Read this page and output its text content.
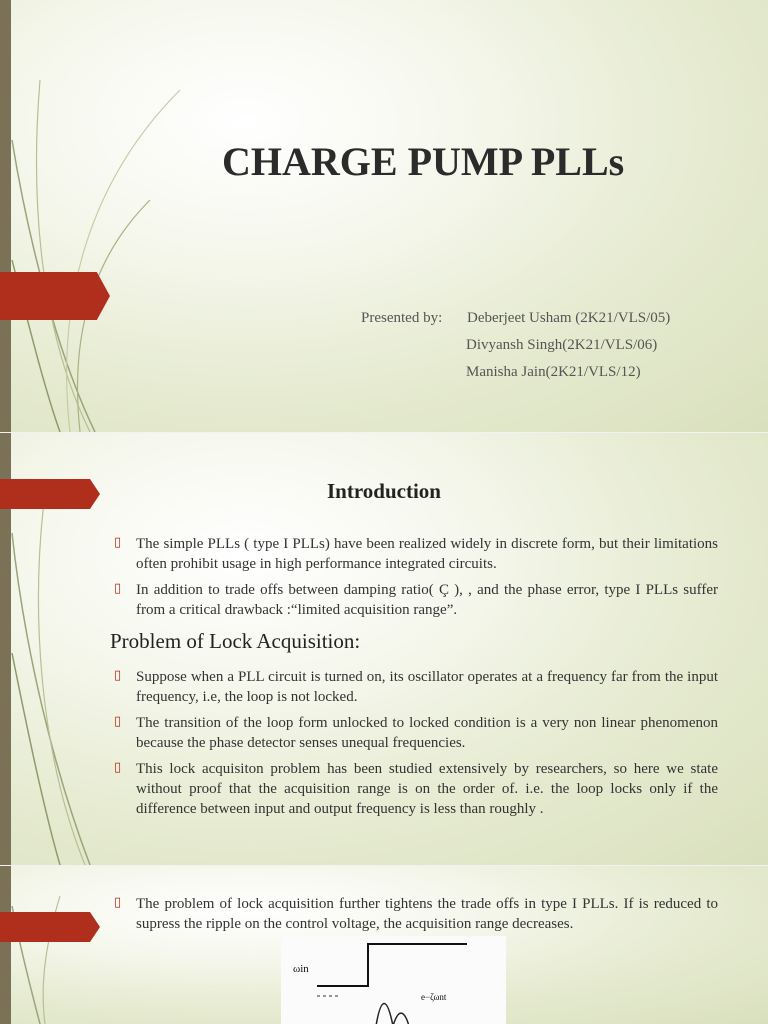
CHARGE PUMP PLLs
Presented by: Deberjeet Usham (2K21/VLS/05)
Divyansh Singh(2K21/VLS/06)
Manisha Jain(2K21/VLS/12)
Introduction
▯ The simple PLLs ( type I PLLs) have been realized widely in discrete form, but their limitations often prohibit usage in high performance integrated circuits.
▯ In addition to trade offs between damping ratio( Ç ), , and the phase error, type I PLLs suffer from a critical drawback :“limited acquisition range”.
Problem of Lock Acquisition:
▯ Suppose when a PLL circuit is turned on, its oscillator operates at a frequency far from the input frequency, i.e, the loop is not locked.
▯ The transition of the loop form unlocked to locked condition is a very non linear phenomenon because the phase detector senses unequal frequencies.
▯ This lock acquisiton problem has been studied extensively by researchers, so here we state without proof that the acquisition range is on the order of. i.e. the loop locks only if the difference between input and output frequency is less than roughly .
▯ The problem of lock acquisition further tightens the trade offs in type I PLLs. If is reduced to supress the ripple on the control voltage, the acquisition range decreases.
ωin
e−ζωnt
